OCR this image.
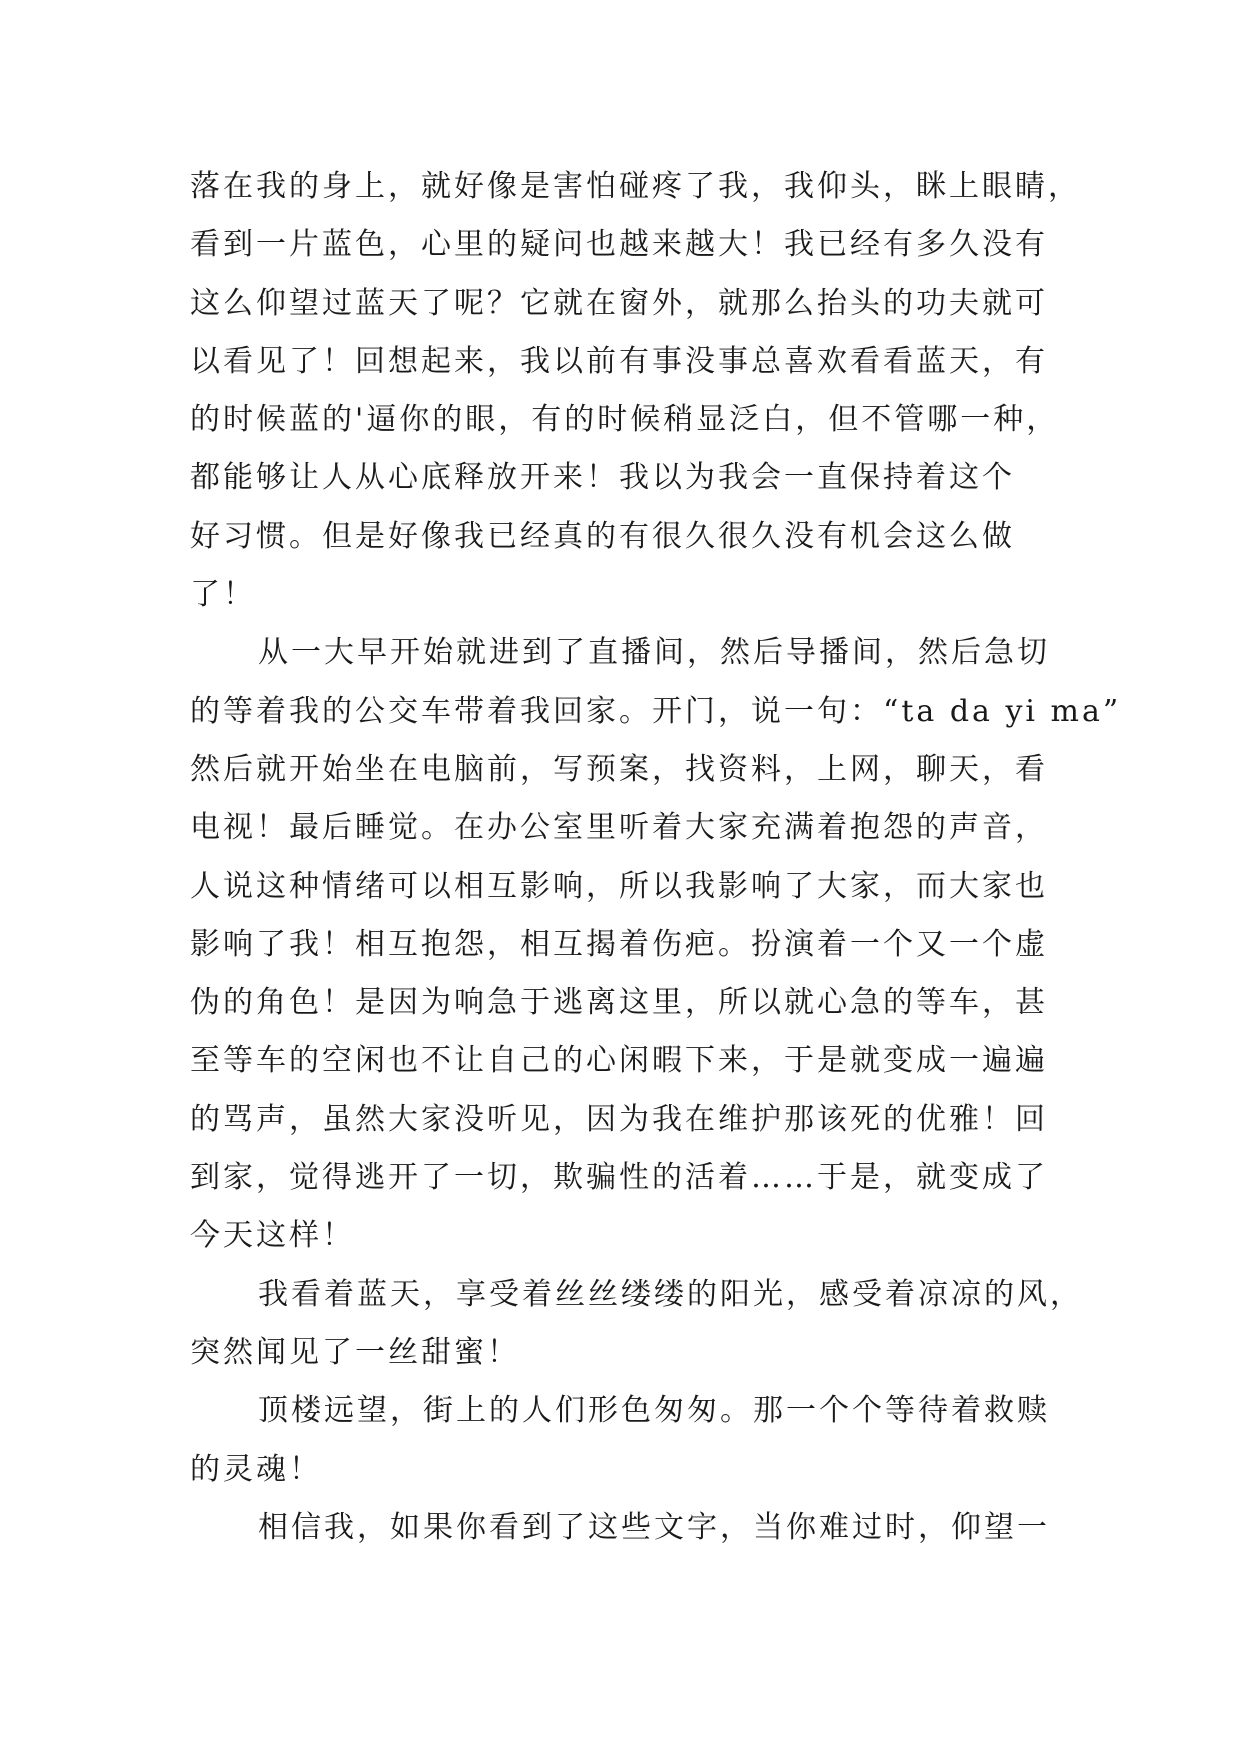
落在我的身上，就好像是害怕碰疼了我，我仰头，眯上眼睛，
看到一片蓝色，心里的疑问也越来越大！我已经有多久没有
这么仰望过蓝天了呢？它就在窗外，就那么抬头的功夫就可
以看见了！回想起来，我以前有事没事总喜欢看看蓝天，有
的时候蓝的'逼你的眼，有的时候稍显泛白，但不管哪一种，
都能够让人从心底释放开来！我以为我会一直保持着这个
好习惯。但是好像我已经真的有很久很久没有机会这么做
了！
从一大早开始就进到了直播间，然后导播间，然后急切
的等着我的公交车带着我回家。开门，说一句：“ta da yi ma”
然后就开始坐在电脑前，写预案，找资料，上网，聊天，看
电视！最后睡觉。在办公室里听着大家充满着抱怨的声音，
人说这种情绪可以相互影响，所以我影响了大家，而大家也
影响了我！相互抱怨，相互揭着伤疤。扮演着一个又一个虚
伪的角色！是因为响急于逃离这里，所以就心急的等车，甚
至等车的空闲也不让自己的心闲暇下来，于是就变成一遍遍
的骂声，虽然大家没听见，因为我在维护那该死的优雅！回
到家，觉得逃开了一切，欺骗性的活着……于是，就变成了
今天这样！
我看着蓝天，享受着丝丝缕缕的阳光，感受着凉凉的风，
突然闻见了一丝甜蜜！
顶楼远望，街上的人们形色匆匆。那一个个等待着救赎
的灵魂！
相信我，如果你看到了这些文字，当你难过时，仰望一
